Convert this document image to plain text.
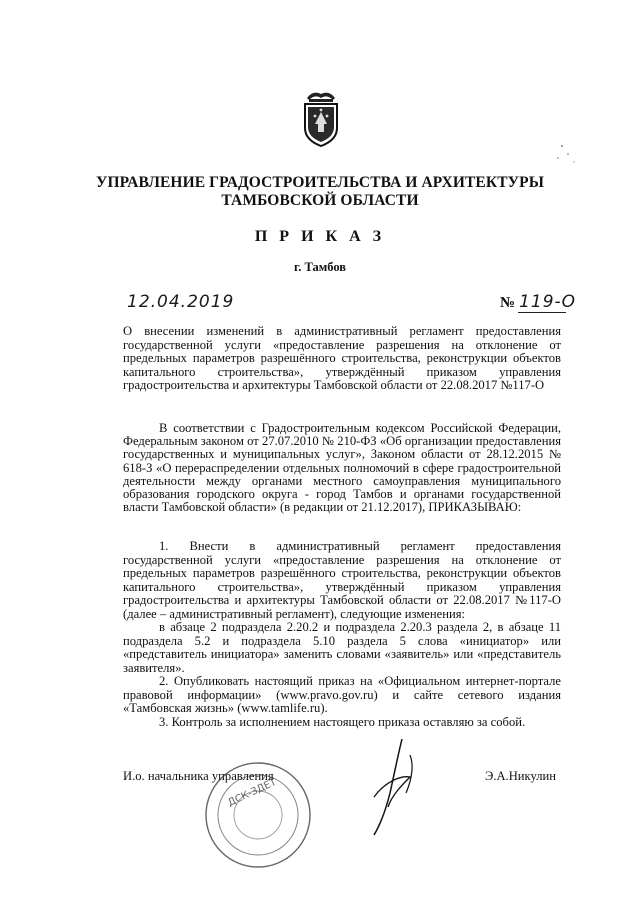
УПРАВЛЕНИЕ ГРАДОСТРОИТЕЛЬСТВА И АРХИТЕКТУРЫ
ТАМБОВСКОЙ ОБЛАСТИ
П Р И К А З
г. Тамбов
12.04.2019	№ 119-О
О внесении изменений в административный регламент предоставления государственной услуги «предоставление разрешения на отклонение от предельных параметров разрешённого строительства, реконструкции объектов капитального строительства», утверждённый приказом управления градостроительства и архитектуры Тамбовской области от 22.08.2017 №117-О
В соответствии с Градостроительным кодексом Российской Федерации, Федеральным законом от 27.07.2010 № 210-ФЗ «Об организации предоставления государственных и муниципальных услуг», Законом области от 28.12.2015 № 618-З «О перераспределении отдельных полномочий в сфере градостроительной деятельности между органами местного самоуправления муниципального образования городского округа - город Тамбов и органами государственной власти Тамбовской области» (в редакции от 21.12.2017), ПРИКАЗЫВАЮ:

1. Внести в административный регламент предоставления государственной услуги «предоставление разрешения на отклонение от предельных параметров разрешённого строительства, реконструкции объектов капитального строительства», утверждённый приказом управления градостроительства и архитектуры Тамбовской области от 22.08.2017 №117-О (далее – административный регламент), следующие изменения:

в абзаце 2 подраздела 2.20.2 и подраздела 2.20.3 раздела 2, в абзаце 11 подраздела 5.2 и подраздела 5.10 раздела 5 слова «инициатор» или «представитель инициатора» заменить словами «заявитель» или «представитель заявителя».

2. Опубликовать настоящий приказ на «Официальном интернет-портале правовой информации» (www.pravo.gov.ru) и сайте сетевого издания «Тамбовская жизнь» (www.tamlife.ru).

3. Контроль за исполнением настоящего приказа оставляю за собой.

И.о. начальника управления	Э.А.Никулин
ДСК-ЗДЕТ
